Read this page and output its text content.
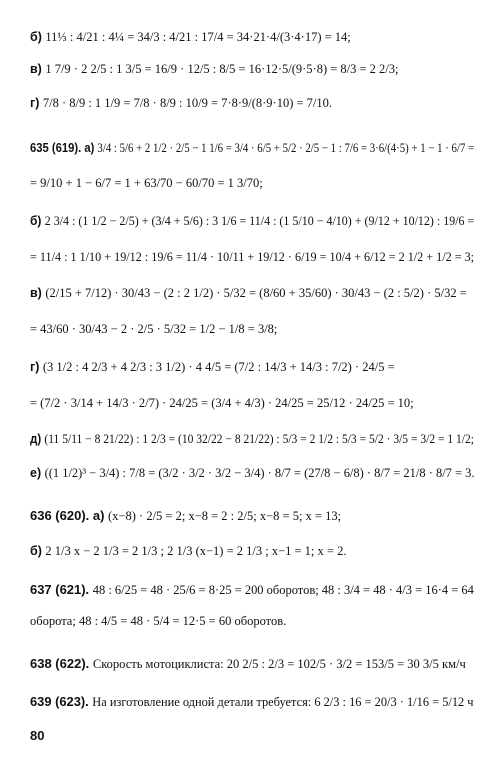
б) 11⅓ : 4/21 : 4¼ = 34/3 : 4/21 : 17/4 = 34·21·4/(3·4·17) = 14;
в) 1 7/9 · 2 2/5 : 1 3/5 = 16/9 · 12/5 : 8/5 = 16·12·5/(9·5·8) = 8/3 = 2 2/3;
г) 7/8 · 8/9 : 1 1/9 = 7/8 · 8/9 : 10/9 = 7·8·9/(8·9·10) = 7/10.
635 (619). а) 3/4 : 5/6 + 2 1/2 · 2/5 − 1 1/6 = 3/4 · 6/5 + 5/2 · 2/5 − 1 : 7/6 = 3·6/(4·5) + 1 − 1 · 6/7 =
= 9/10 + 1 − 6/7 = 1 + 63/70 − 60/70 = 1 3/70;
б) 2 3/4 : (1 1/2 − 2/5) + (3/4 + 5/6) : 3 1/6 = 11/4 : (1 5/10 − 4/10) + (9/12 + 10/12) : 19/6 =
= 11/4 : 1 1/10 + 19/12 : 19/6 = 11/4 · 10/11 + 19/12 · 6/19 = 10/4 + 6/12 = 2 1/2 + 1/2 = 3;
в) (2/15 + 7/12) · 30/43 − (2 : 2 1/2) · 5/32 = (8/60 + 35/60) · 30/43 − (2 : 5/2) · 5/32 =
= 43/60 · 30/43 − 2 · 2/5 · 5/32 = 1/2 − 1/8 = 3/8;
г) (3 1/2 : 4 2/3 + 4 2/3 : 3 1/2) · 4 4/5 = (7/2 : 14/3 + 14/3 : 7/2) · 24/5 =
= (7/2 · 3/14 + 14/3 · 2/7) · 24/25 = (3/4 + 4/3) · 24/25 = 25/12 · 24/25 = 10;
д) (11 5/11 − 8 21/22) : 1 2/3 = (10 32/22 − 8 21/22) : 5/3 = 2 1/2 : 5/3 = 5/2 · 3/5 = 3/2 = 1 1/2;
е) ((1 1/2)³ − 3/4) : 7/8 = (3/2 · 3/2 · 3/2 − 3/4) · 8/7 = (27/8 − 6/8) · 8/7 = 21/8 · 8/7 = 3.
636 (620). а) (x−8) · 2/5 = 2; x−8 = 2 : 2/5; x−8 = 5; x = 13;
б) 2 1/3 x − 2 1/3 = 2 1/3 ; 2 1/3 (x−1) = 2 1/3 ; x−1 = 1; x = 2.
637 (621). 48 : 6/25 = 48 · 25/6 = 8·25 = 200 оборотов; 48 : 3/4 = 48 · 4/3 = 16·4 = 64
оборота; 48 : 4/5 = 48 · 5/4 = 12·5 = 60 оборотов.
638 (622). Скорость мотоциклиста: 20 2/5 : 2/3 = 102/5 · 3/2 = 153/5 = 30 3/5 км/ч
639 (623). На изготовление одной детали требуется: 6 2/3 : 16 = 20/3 · 1/16 = 5/12 ч
80
